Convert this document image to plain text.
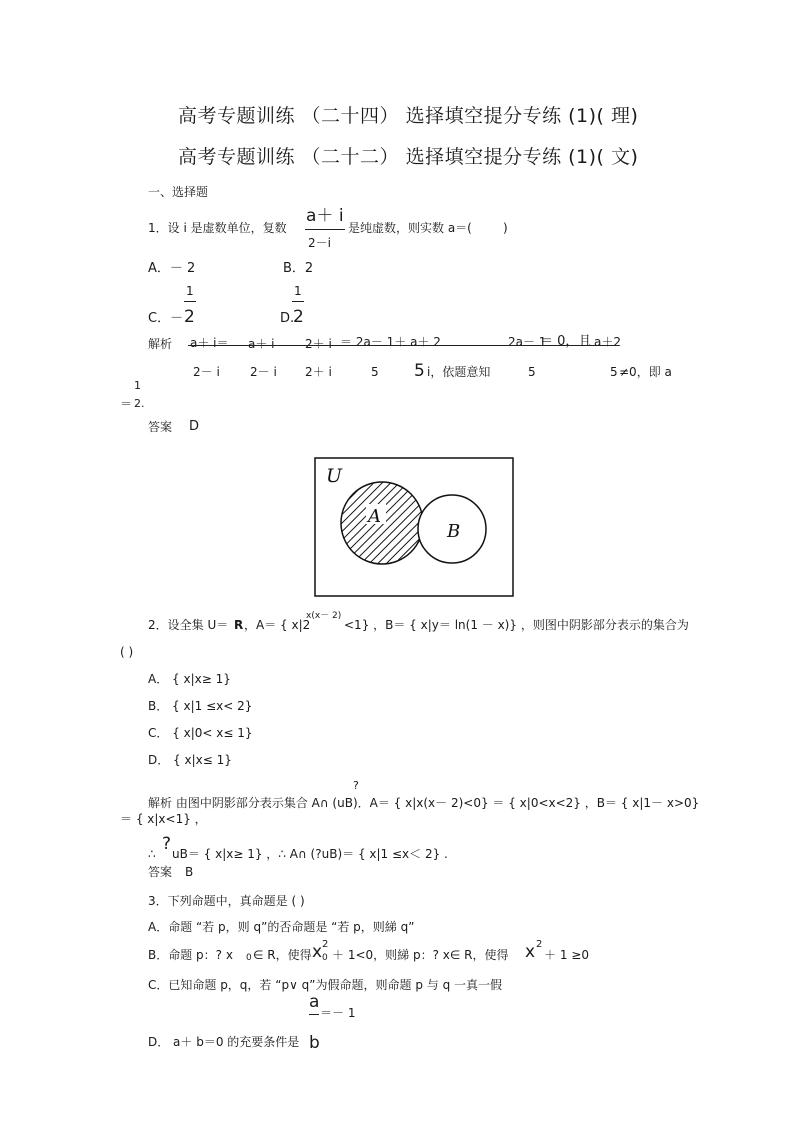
高考专题训练 （二十四） 选择填空提分专练 (1)( 理)
高考专题训练 （二十二） 选择填空提分专练 (1)( 文)
一、选择题
1．设 i 是虚数单位，复数
a＋ i
2－i
是纯虚数，则实数 a＝(	)
A．－ 2	B．2
1
C．－ 2
1
D.
2
解析 a＋ i＝ a＋ i	2＋ i ＝ 2a－ 1＋ a＋ 2	2a－ 1
＝ 0，且 a＋2
2－ i	2－ i 2＋ i	5 5 i，依题意知	5	5 ≠0，即 a
1
＝ 2.
答案 D
U
A
B
2．设全集 U＝ R ，A＝ { x|2
x(x－ 2)
<1} ，B＝ { x|y＝ ln(1 － x)} ，则图中阴影部分表示的集合为
( )
A． { x|x≥ 1}
B． { x|1 ≤x< 2}
C． { x|0< x≤ 1}
D． { x|x≤ 1}
?
解析 由图中阴影部分表示集合 A∩ (uB)．A＝ { x|x(x－ 2)<0} ＝ { x|0<x<2} ，B＝ { x|1－ x>0}
＝ { x|x<1} ，
∴ ? uB＝ { x|x≥ 1} ，∴ A∩ (?uB)＝ { x|1 ≤x＜ 2} .
答案 B
3．下列命题中，真命题是 ( )
A．命题 “若 p，则 q”的否命题是 “若 p，则綈 q”
B．命题 p：? x 0 ∈ R，使得 x 2
0 ＋ 1<0，则綈 p：? x∈ R，使得 x 2
＋ 1 ≥0
C．已知命题 p，q，若 “p∨ q”为假命题，则命题 p 与 q 一真一假
a
＝－ 1
D． a＋ b＝0 的充要条件是 b
